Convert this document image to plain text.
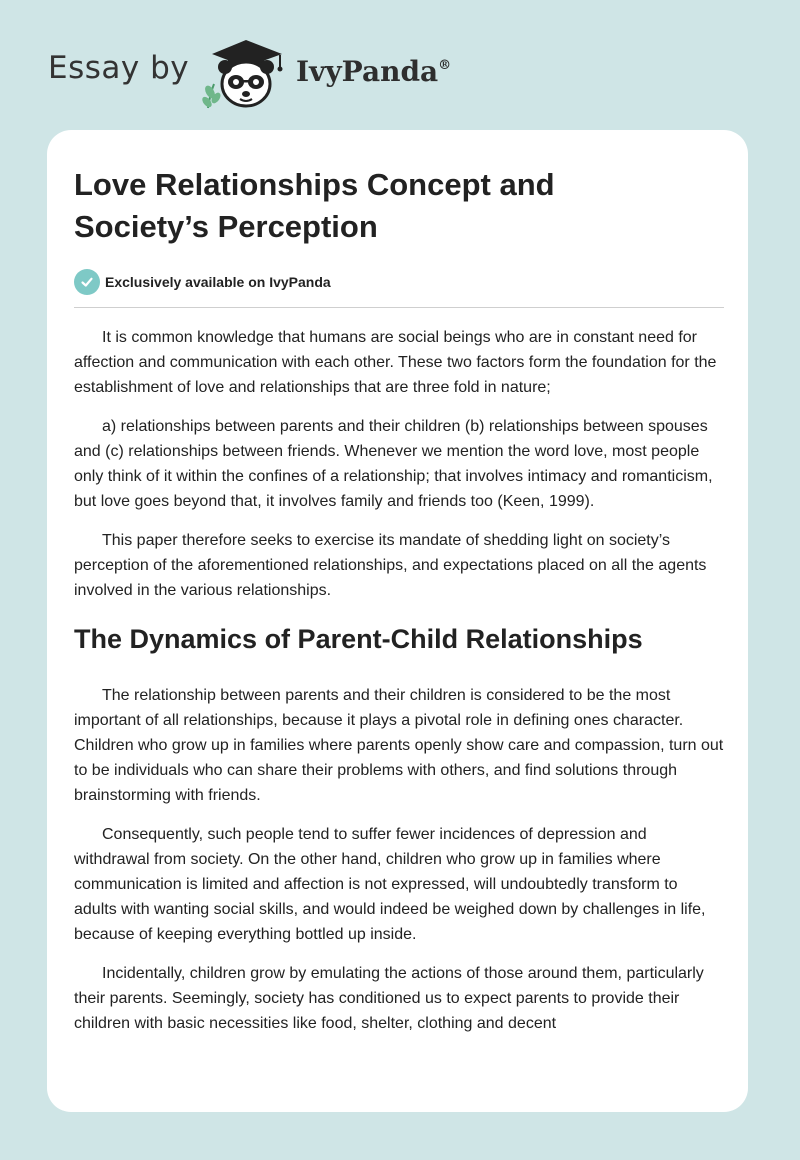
Essay by	IvyPanda®
Love Relationships Concept and
Society’s Perception
Exclusively available on IvyPanda

It is common knowledge that humans are social beings who are in constant need for affection and communication with each other. These two factors form the foundation for the establishment of love and relationships that are three fold in nature;

a) relationships between parents and their children (b) relationships between spouses and (c) relationships between friends. Whenever we mention the word love, most people only think of it within the confines of a relationship; that involves intimacy and romanticism, but love goes beyond that, it involves family and friends too (Keen, 1999).

This paper therefore seeks to exercise its mandate of shedding light on society’s perception of the aforementioned relationships, and expectations placed on all the agents involved in the various relationships.

The Dynamics of Parent-Child Relationships

The relationship between parents and their children is considered to be the most important of all relationships, because it plays a pivotal role in defining ones character. Children who grow up in families where parents openly show care and compassion, turn out to be individuals who can share their problems with others, and find solutions through brainstorming with friends.

Consequently, such people tend to suffer fewer incidences of depression and withdrawal from society. On the other hand, children who grow up in families where communication is limited and affection is not expressed, will undoubtedly transform to adults with wanting social skills, and would indeed be weighed down by challenges in life, because of keeping everything bottled up inside.

Incidentally, children grow by emulating the actions of those around them, particularly their parents. Seemingly, society has conditioned us to expect parents to provide their children with basic necessities like food, shelter, clothing and decent
